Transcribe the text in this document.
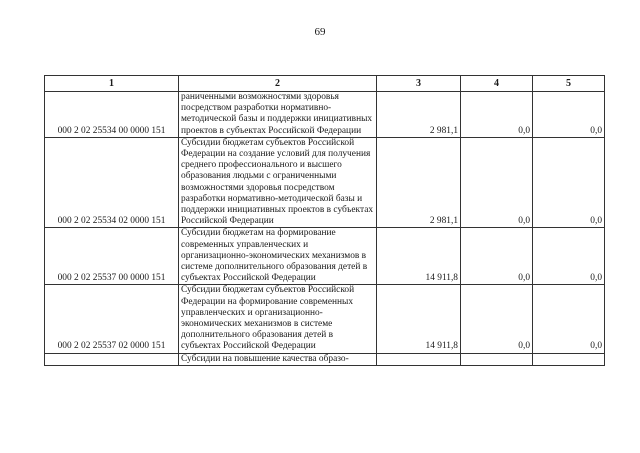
69
1	2	3	4	5
000 2 02 25534 00 0000 151	раниченными возможностями здоровья посредством разработки нормативно-методической базы и поддержки инициативных проектов в субъектах Российской Федерации	2 981,1	0,0	0,0
000 2 02 25534 02 0000 151	Субсидии бюджетам субъектов Российской Федерации на создание условий для получения среднего профессионального и высшего образования людьми с ограниченными возможностями здоровья посредством разработки нормативно-методической базы и поддержки инициативных проектов в субъектах Российской Федерации	2 981,1	0,0	0,0
000 2 02 25537 00 0000 151	Субсидии бюджетам на формирование современных управленческих и организационно-экономических механизмов в системе дополнительного образования детей в субъектах Российской Федерации	14 911,8	0,0	0,0
000 2 02 25537 02 0000 151	Субсидии бюджетам субъектов Российской Федерации на формирование современных управленческих и организационно-экономических механизмов в системе дополнительного образования детей в субъектах Российской Федерации	14 911,8	0,0	0,0
	Субсидии на повышение качества образо-			
